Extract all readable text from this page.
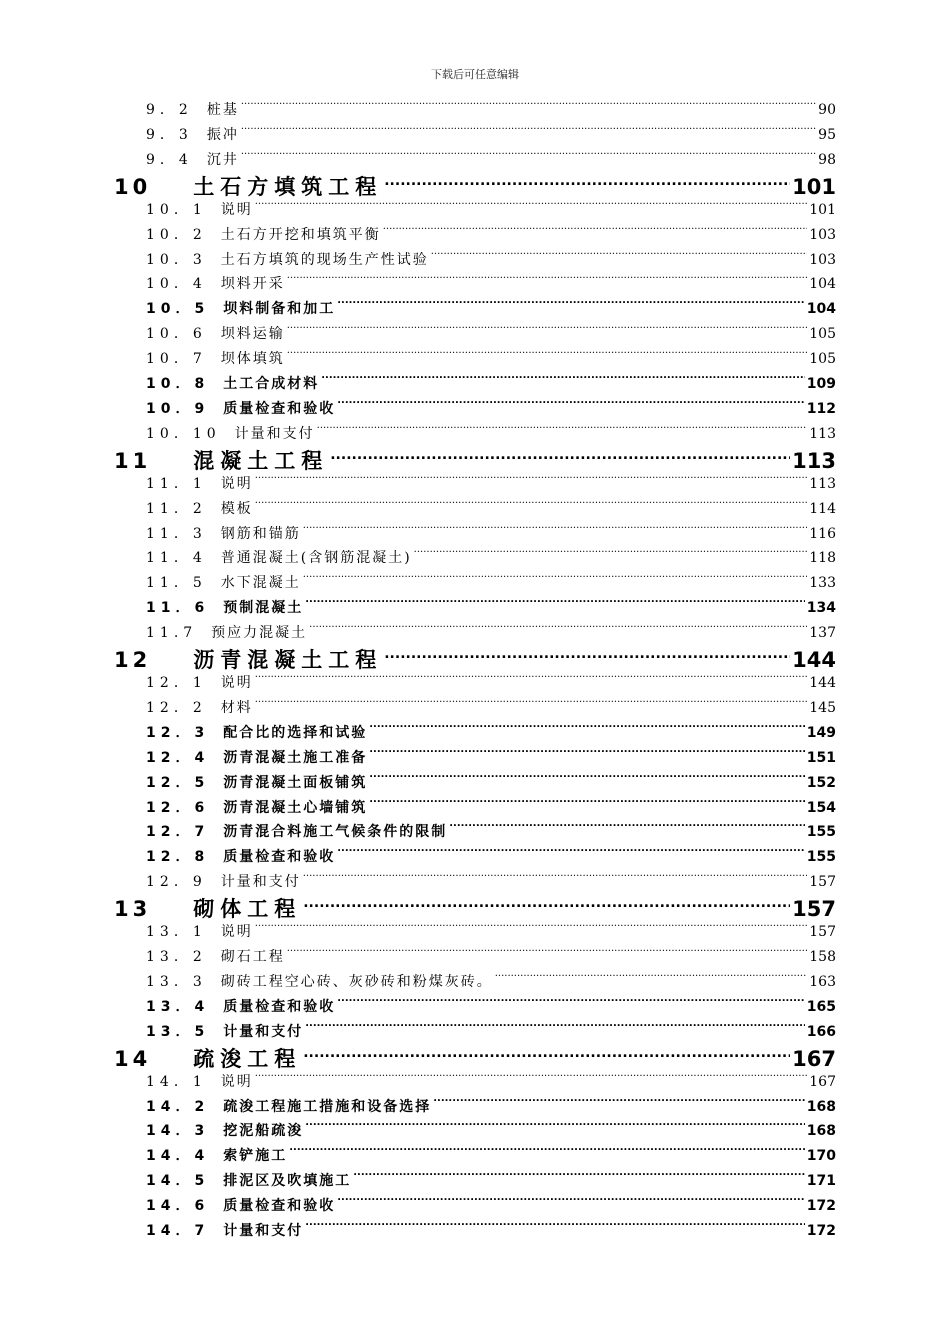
下载后可任意编辑
9．2 桩基 .....	90
9．3 振冲 .....	95
9．4 沉井 .....	98
10 土石方填筑工程 .....	101
10．1 说明 .....	101
10．2 土石方开挖和填筑平衡 .....	103
10．3 土石方填筑的现场生产性试验 .....	103
10．4 坝料开采 .....	104
10．5 坝料制备和加工 .....	104
10．6 坝料运输 .....	105
10．7 坝体填筑 .....	105
10．8 土工合成材料 .....	109
10．9 质量检查和验收 .....	112
10．10 计量和支付 .....	113
11 混凝土工程 .....	113
11．1 说明 .....	113
11．2 模板 .....	114
11．3 钢筋和锚筋 .....	116
11．4 普通混凝土(含钢筋混凝土) .....	118
11．5 水下混凝土 .....	133
11．6 预制混凝土 .....	134
11.7 预应力混凝土 .....	137
12 沥青混凝土工程 .....	144
12．1 说明 .....	144
12．2 材料 .....	145
12．3 配合比的选择和试验 .....	149
12．4 沥青混凝土施工准备 .....	151
12．5 沥青混凝土面板铺筑 .....	152
12．6 沥青混凝土心墙铺筑 .....	154
12．7 沥青混合料施工气候条件的限制 .....	155
12．8 质量检查和验收 .....	155
12．9 计量和支付 .....	157
13 砌体工程 .....	157
13．1 说明 .....	157
13．2 砌石工程 .....	158
13．3 砌砖工程空心砖、灰砂砖和粉煤灰砖。 .....	163
13．4 质量检查和验收 .....	165
13．5 计量和支付 .....	166
14 疏浚工程 .....	167
14．1 说明 .....	167
14．2 疏浚工程施工措施和设备选择 .....	168
14．3 挖泥船疏浚 .....	168
14．4 索铲施工 .....	170
14．5 排泥区及吹填施工 .....	171
14．6 质量检查和验收 .....	172
14．7 计量和支付 .....	172
